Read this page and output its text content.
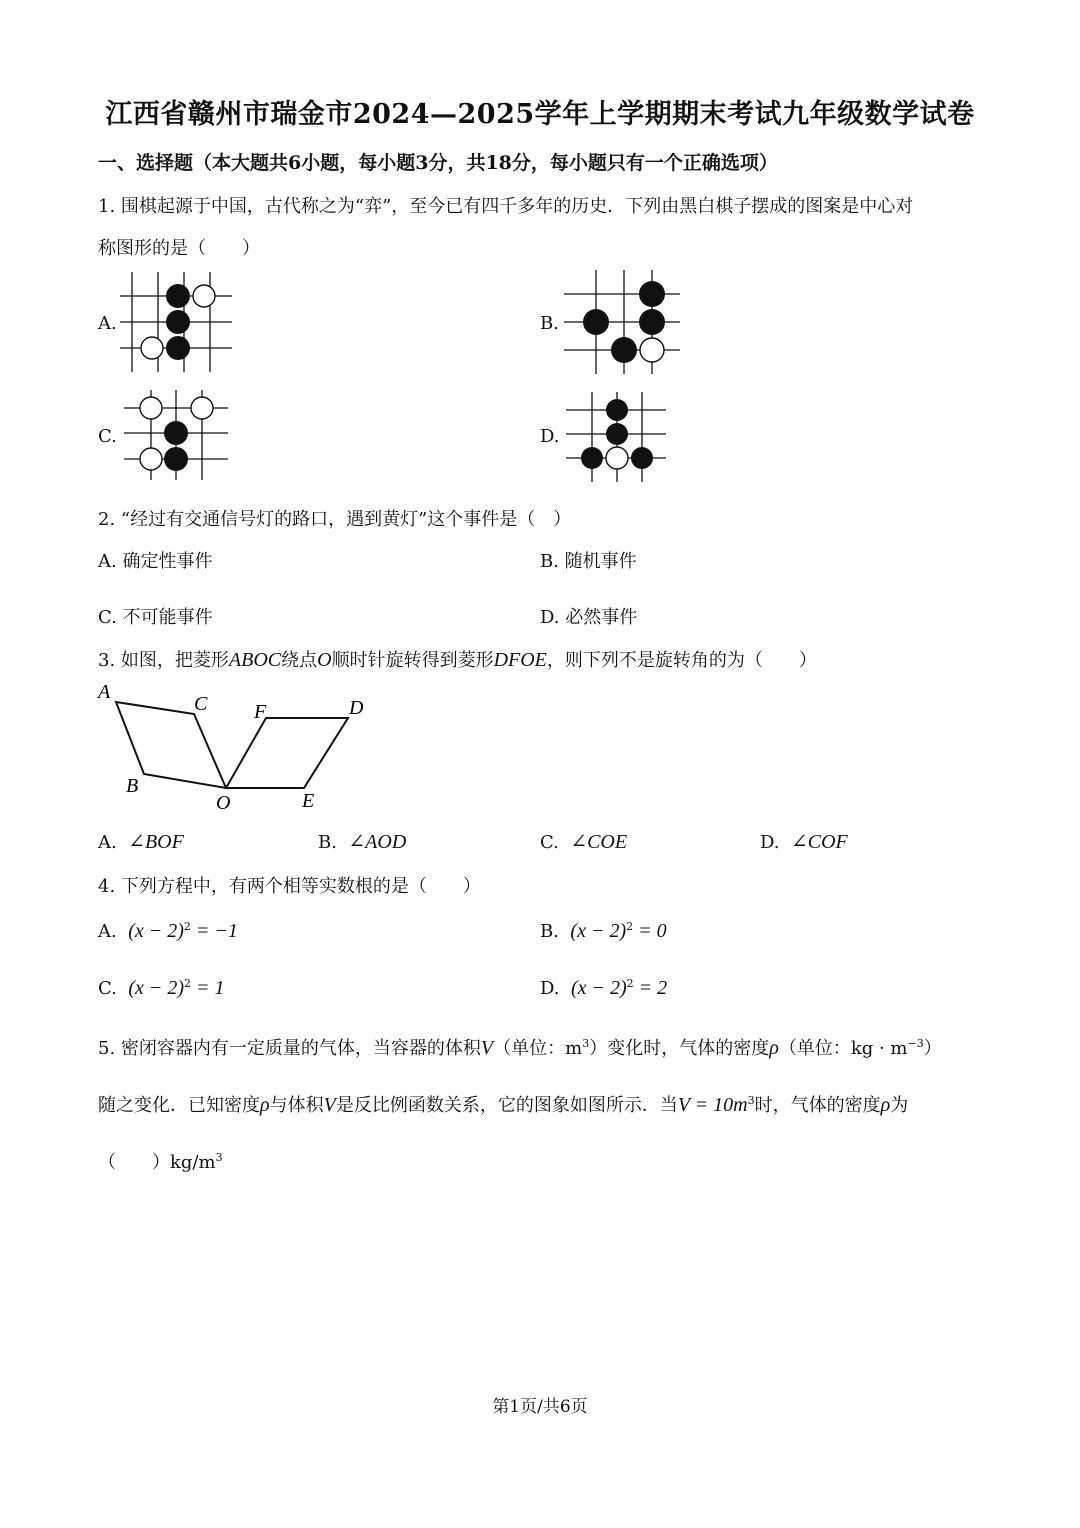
江西省赣州市瑞金市2024—2025学年上学期期末考试九年级数学试卷
一、选择题（本大题共6小题，每小题3分，共18分，每小题只有一个正确选项）
1. 围棋起源于中国，古代称之为“弈”，至今已有四千多年的历史．下列由黑白棋子摆成的图案是中心对
称图形的是（　　）
A.	B.
C.	D.
2. “经过有交通信号灯的路口，遇到黄灯”这个事件是（　）
A. 确定性事件	B. 随机事件
C. 不可能事件	D. 必然事件
3. 如图，把菱形ABOC绕点O顺时针旋转得到菱形DFOE，则下列不是旋转角的为（　　）
A
B
C
O
F	D
E
A. ∠BOF	B. ∠AOD	C. ∠COE	D. ∠COF
4. 下列方程中，有两个相等实数根的是（　　）
A. $(x - 2)^2 = -1$	B. $(x - 2)^2 = 0$
C. $(x - 2)^2 = 1$	D. $(x - 2)^2 = 2$
5. 密闭容器内有一定质量的气体，当容器的体积V（单位：$m^3$）变化时，气体的密度ρ（单位：kg · $m^{-3}$）
随之变化．已知密度ρ与体积V是反比例函数关系，它的图象如图所示．当$V = 10m^3$时，气体的密度ρ为
（　　）$kg/m^3$
第1页/共6页
